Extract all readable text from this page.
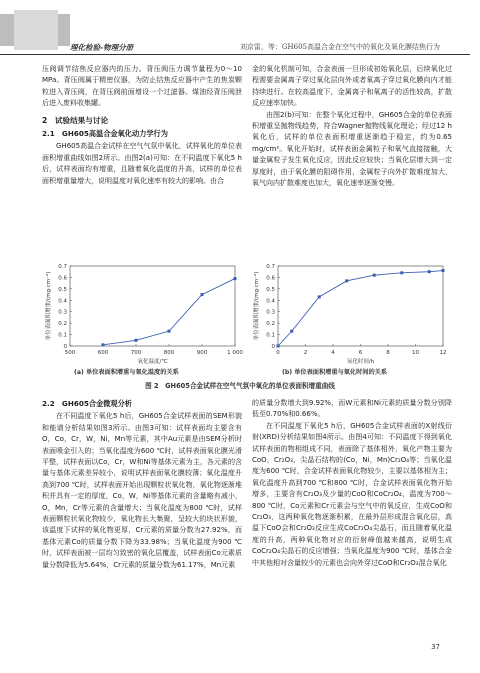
理化检验-物理分册	刘京雷，等：GH605高温合金在空气中的氧化及氧化膜结焦行为

压阀调节结焦反应器内的压力。背压阀压力调节量程为0～10 MPa。背压阀属于精密仪器，为防止结焦反应器中产生的焦炭颗粒进入背压阀，在背压阀前面增设一个过滤器。煤油经背压阀泄后进入废料收集罐。

2　试验结果与讨论
2.1　GH605高温合金氧化动力学行为

GH605高温合金试样在空气气氛中氧化，试样氧化的单位表面积增重曲线如图2所示。由图2(a)可知：在不同温度下氧化5 h后，试样表面均有增重，且随着氧化温度的升高，试样的单位表面积增重量增大，说明温度对氧化速率有较大的影响。由合

金的氧化机制可知，合金表面一旦形成初始氧化层，后续氧化过程需要金属离子穿过氧化层向外或者氧离子穿过氧化膜向内才能持续进行。在较高温度下，金属离子和氧离子的活性较高，扩散反应速率加快。

由图2(b)可知：在整个氧化过程中，GH605合金的单位表面积增重呈抛物线趋势，符合Wagner抛物线氧化理论；经过12 h氧化后，试样的单位表面积增重逐渐趋于稳定，约为0.65 mg/cm²。氧化开始时，试样表面金属粒子和氧气直接接触，大量金属粒子发生氧化反应，因此反应较快；当氧化层增大到一定厚度时，由于氧化膜的阻碍作用，金属粒子向外扩散难度加大，氧气向内扩散难度也加大，氧化速率逐渐变慢。

0
0.1
0.2
0.3
0.4
0.5
0.6
0.7
500	600	700	800	900	1 000
氧化温度/℃
单位表面积增重/(mg·cm⁻²)
0
0.1
0.2
0.3
0.4
0.5
0.6
0.7
0	2	4	6	8	10	12
氧化时间/h
单位表面积增重/(mg·cm⁻²)
(a) 单位表面积增重与氧化温度的关系	(b) 单位表面积增重与氧化时间的关系
图 2　GH605合金试样在空气气氛中氧化的单位表面积增重曲线
2.2　GH605合金微观分析

在不同温度下氧化5 h后，GH605合金试样表面的SEM形貌和能谱分析结果如图3所示。由图3可知：试样表面均主要含有O，Co，Cr，W，Ni，Mn等元素，其中Au元素是由SEM分析时表面喷金引入的；当氧化温度为600 ℃时，试样表面氧化膜光滑平整，试样表面以Co，Cr，W和Ni等基体元素为主，各元素的含量与基体元素差异较小，说明试样表面氧化膜较薄；氧化温度升高到700 ℃时，试样表面开始出现颗粒状氧化物，氧化物逐渐堆积并具有一定的厚度，Co，W，Ni等基体元素的含量略有减小，O，Mn，Cr等元素的含量增大；当氧化温度为800 ℃时，试样表面颗粒状氧化物较少，氧化物长大集聚，呈较大的块状形貌，该温度下试样的氧化物更厚，Cr元素的质量分数为27.92%，而基体元素Co的质量分数下降为33.98%；当氧化温度为900 ℃时，试样表面被一层均匀致密的氧化层覆盖，试样表面Co元素质量分数降低为5.64%，Cr元素的质量分数为61.17%，Mn元素

的质量分数增大到9.92%，而W元素和Ni元素的质量分数分别降低至0.70%和0.66%。

在不同温度下氧化5 h后，GH605合金试样表面的X射线衍射(XRD)分析结果如图4所示。由图4可知：不同温度下得到氧化试样表面的物相组成不同，表面除了基体相外，氧化产物主要为CoO，Cr₂O₃，尖晶石结构的(Co，Ni，Mn)Cr₂O₄等；当氧化温度为600 ℃时，合金试样表面氧化物较少，主要以基体相为主；氧化温度升高到700 ℃和800 ℃时，合金试样表面氧化物开始增多，主要含有Cr₂O₃及少量的CoO和CoCr₂O₄，温度为700～800 ℃时，Co元素和Cr元素会与空气中的氧反应，生成CoO和Cr₂O₃，这两种氧化物逐渐积累，在最外层形成混合氧化层，高温下CoO会和Cr₂O₃反应生成CoCr₂O₄尖晶石，而且随着氧化温度的升高，两种氧化物对应的衍射峰值越来越高，说明生成CoCr₂O₄尖晶石的反应增强；当氧化温度为900 ℃时，基体合金中其他相对含量较少的元素也会向外穿过CoO和Cr₂O₃混合氧化

37
